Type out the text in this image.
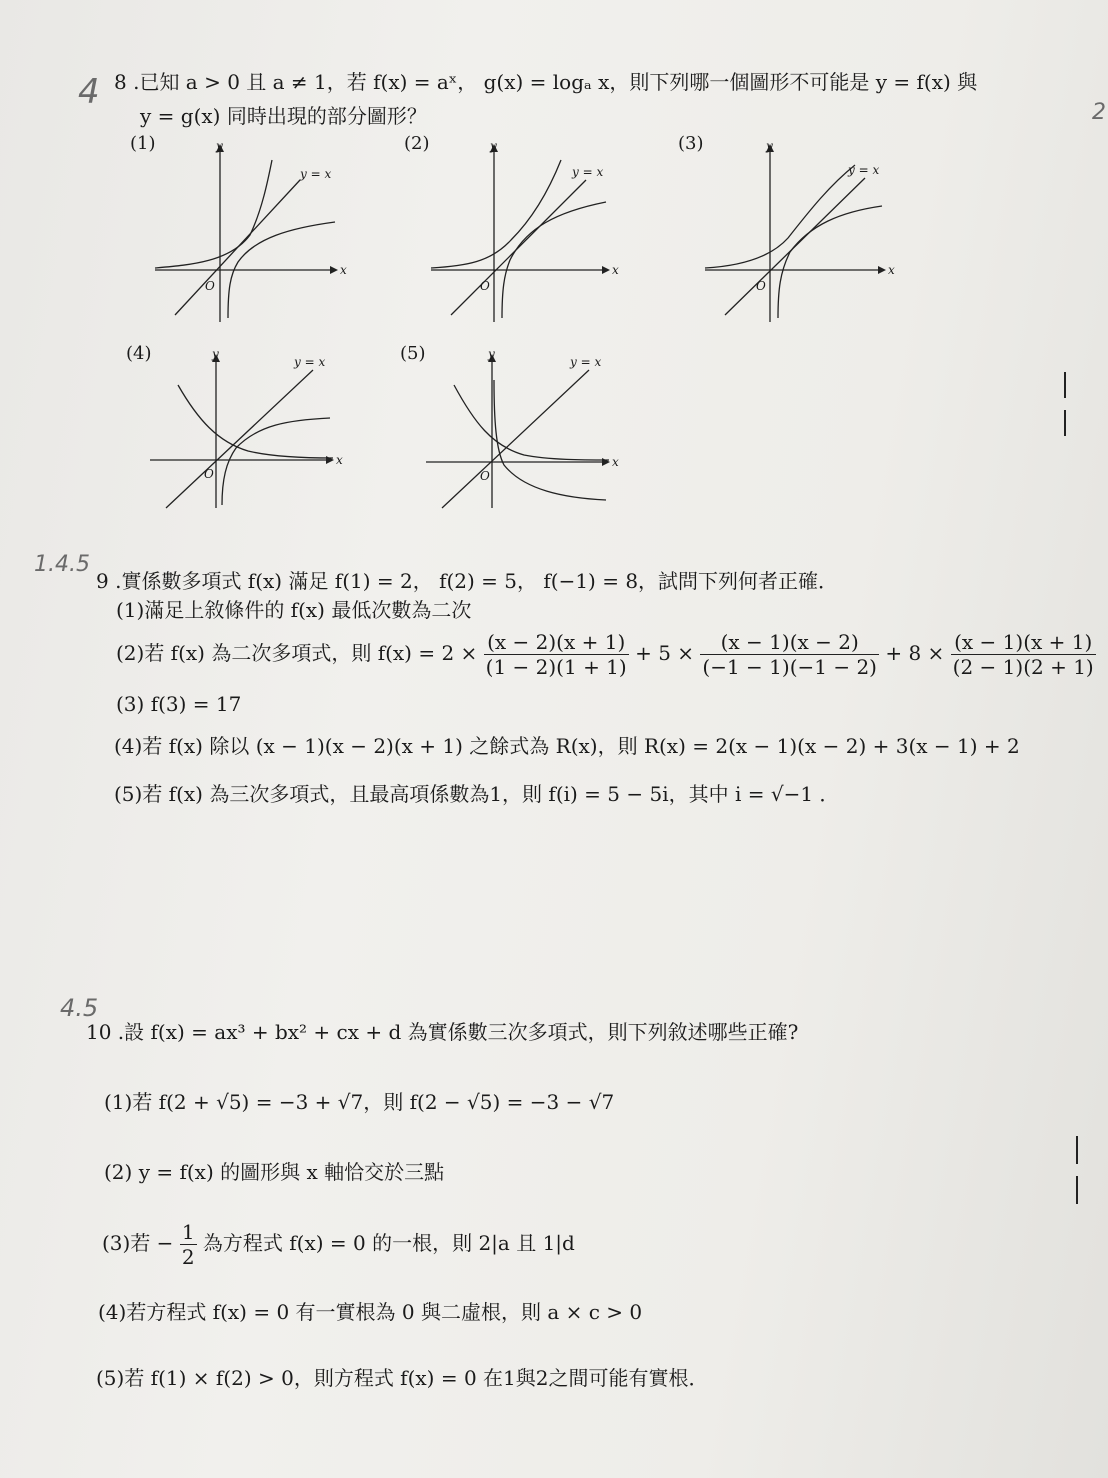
4
1.4.5
4.5
2
8 .已知 a > 0 且 a ≠ 1，若 f(x) = aˣ， g(x) = logₐ x，則下列哪一個圖形不可能是 y = f(x) 與
y = g(x) 同時出現的部分圖形？
(1)	(2)	(3)
(4)	(5)
x
y
O
y = x
x
y
O
y = x
x
y
O
y = x
x
y
O
y = x
x
y
O
y = x
9 .實係數多項式 f(x) 滿足 f(1) = 2， f(2) = 5， f(−1) = 8，試問下列何者正確．
(1)滿足上敘條件的 f(x) 最低次數為二次
(2)若 f(x) 為二次多項式，則 $f(x) = 2 \times \frac{(x - 2)(x + 1)}{(1 - 2)(1 + 1)} + 5 \times \frac{(x - 1)(x - 2)}{(-1 - 1)(-1 - 2)} + 8 \times \frac{(x - 1)(x + 1)}{(2 - 1)(2 + 1)}$
(3) f(3) = 17
(4)若 f(x) 除以 (x − 1)(x − 2)(x + 1) 之餘式為 R(x)，則 R(x) = 2(x − 1)(x − 2) + 3(x − 1) + 2
(5)若 f(x) 為三次多項式，且最高項係數為1，則 f(i) = 5 − 5i，其中 i = √−1 ．
10 .設 f(x) = ax³ + bx² + cx + d 為實係數三次多項式，則下列敘述哪些正確?
(1)若 f(2 + √5) = −3 + √7，則 f(2 − √5) = −3 − √7
(2) y = f(x) 的圖形與 x 軸恰交於三點
(3)若 − $\frac{1}{2}$ 為方程式 f(x) = 0 的一根，則 2|a 且 1|d
(4)若方程式 f(x) = 0 有一實根為 0 與二虛根，則 a × c > 0
(5)若 f(1) × f(2) > 0，則方程式 f(x) = 0 在1與2之間可能有實根．
